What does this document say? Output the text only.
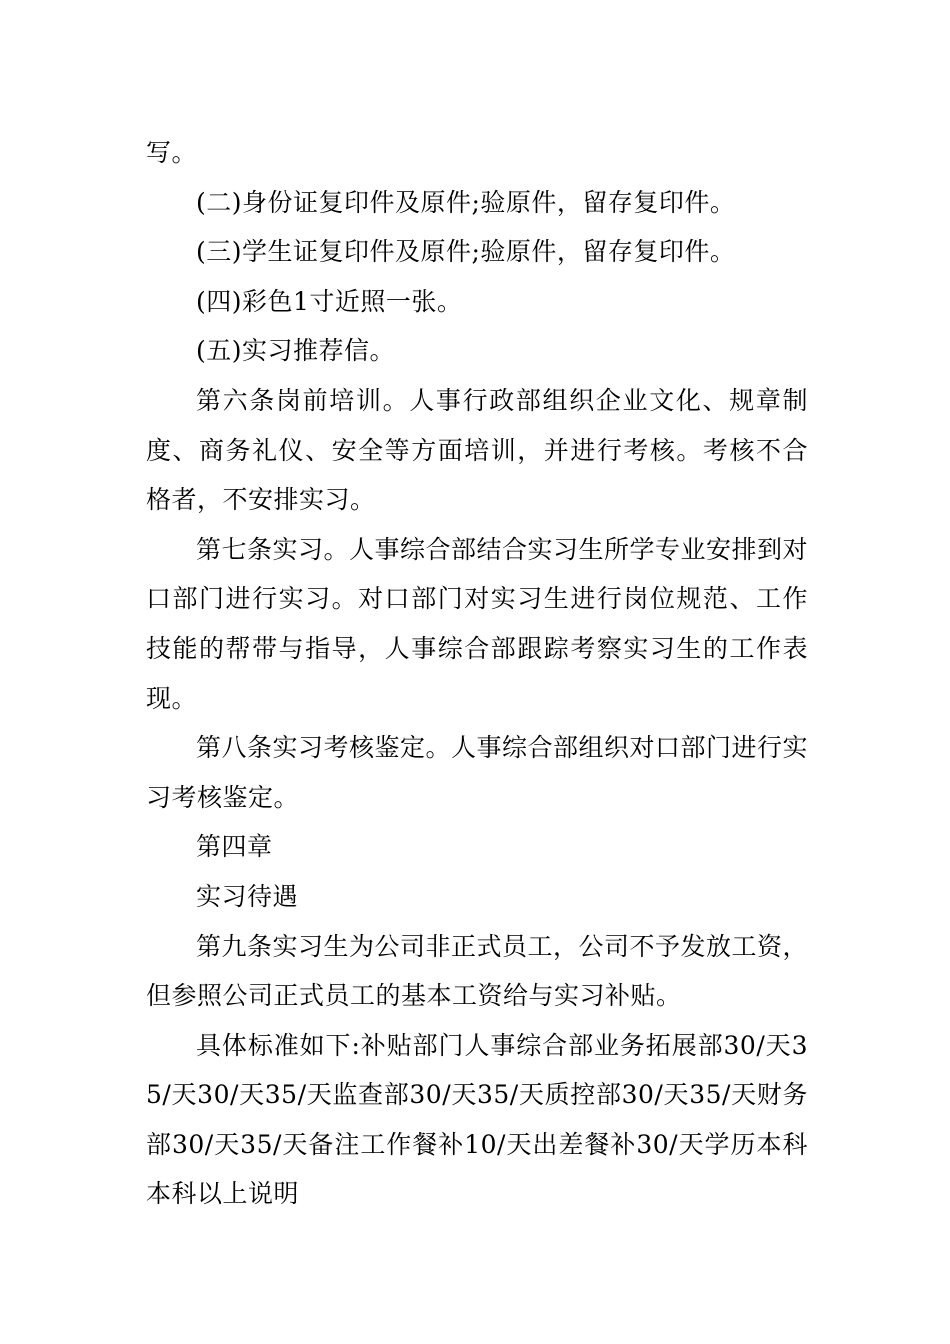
写。

(二)身份证复印件及原件;验原件，留存复印件。

(三)学生证复印件及原件;验原件，留存复印件。

(四)彩色1寸近照一张。

(五)实习推荐信。

第六条岗前培训。人事行政部组织企业文化、规章制度、商务礼仪、安全等方面培训，并进行考核。考核不合格者，不安排实习。

第七条实习。人事综合部结合实习生所学专业安排到对口部门进行实习。对口部门对实习生进行岗位规范、工作技能的帮带与指导，人事综合部跟踪考察实习生的工作表现。

第八条实习考核鉴定。人事综合部组织对口部门进行实习考核鉴定。

第四章

实习待遇

第九条实习生为公司非正式员工，公司不予发放工资，但参照公司正式员工的基本工资给与实习补贴。

具体标准如下:补贴部门人事综合部业务拓展部30/天35/天30/天35/天监查部30/天35/天质控部30/天35/天财务部30/天35/天备注工作餐补10/天出差餐补30/天学历本科本科以上说明
